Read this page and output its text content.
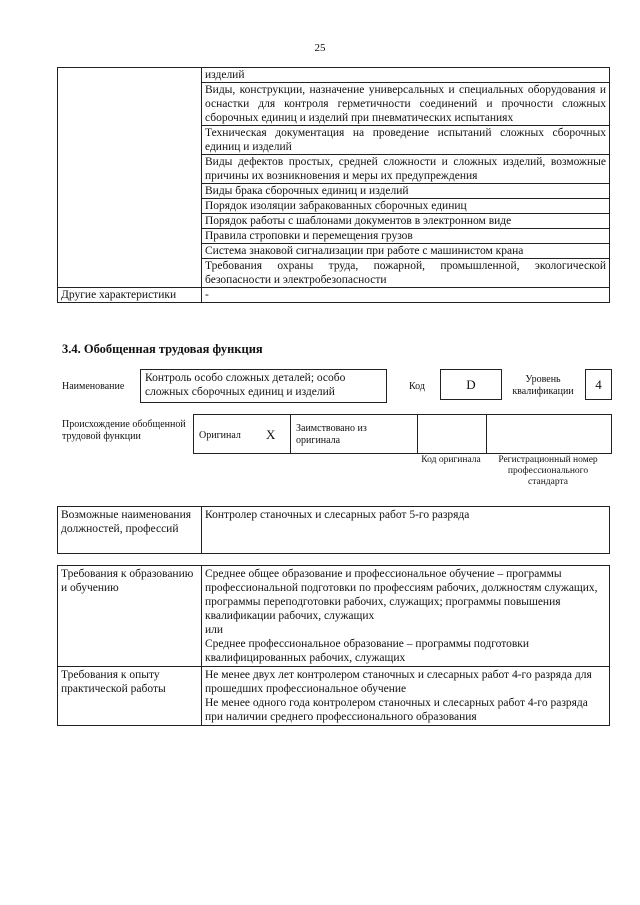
25
	изделий
	Виды, конструкции, назначение универсальных и специальных оборудования и оснастки для контроля герметичности соединений и прочности сложных сборочных единиц и изделий при пневматических испытаниях
	Техническая документация на проведение испытаний сложных сборочных единиц и изделий
	Виды дефектов простых, средней сложности и сложных изделий, возможные причины их возникновения и меры их предупреждения
	Виды брака сборочных единиц и изделий
	Порядок изоляции забракованных сборочных единиц
	Порядок работы с шаблонами документов в электронном виде
	Правила строповки и перемещения грузов
	Система знаковой сигнализации при работе с машинистом крана
	Требования охраны труда, пожарной, промышленной, экологической безопасности и электробезопасности
Другие характеристики	-
3.4. Обобщенная трудовая функция
Наименование
Контроль особо сложных деталей; особо сложных сборочных единиц и изделий	Код	D	Уровень квалификации	4
Происхождение обобщенной трудовой функции	Оригинал X Заимствовано из оригинала
Код оригинала	Регистрационный номер профессионального стандарта
Возможные наименования должностей, профессий	Контролер станочных и слесарных работ 5-го разряда
Требования к образованию и обучению	Среднее общее образование и профессиональное обучение – программы профессиональной подготовки по профессиям рабочих, должностям служащих, программы переподготовки рабочих, служащих; программы повышения квалификации рабочих, служащих
или
Среднее профессиональное образование – программы подготовки квалифицированных рабочих, служащих

Требования к опыту практической работы	Не менее двух лет контролером станочных и слесарных работ 4-го разряда для прошедших профессиональное обучение
Не менее одного года контролером станочных и слесарных работ 4-го разряда при наличии среднего профессионального образования
